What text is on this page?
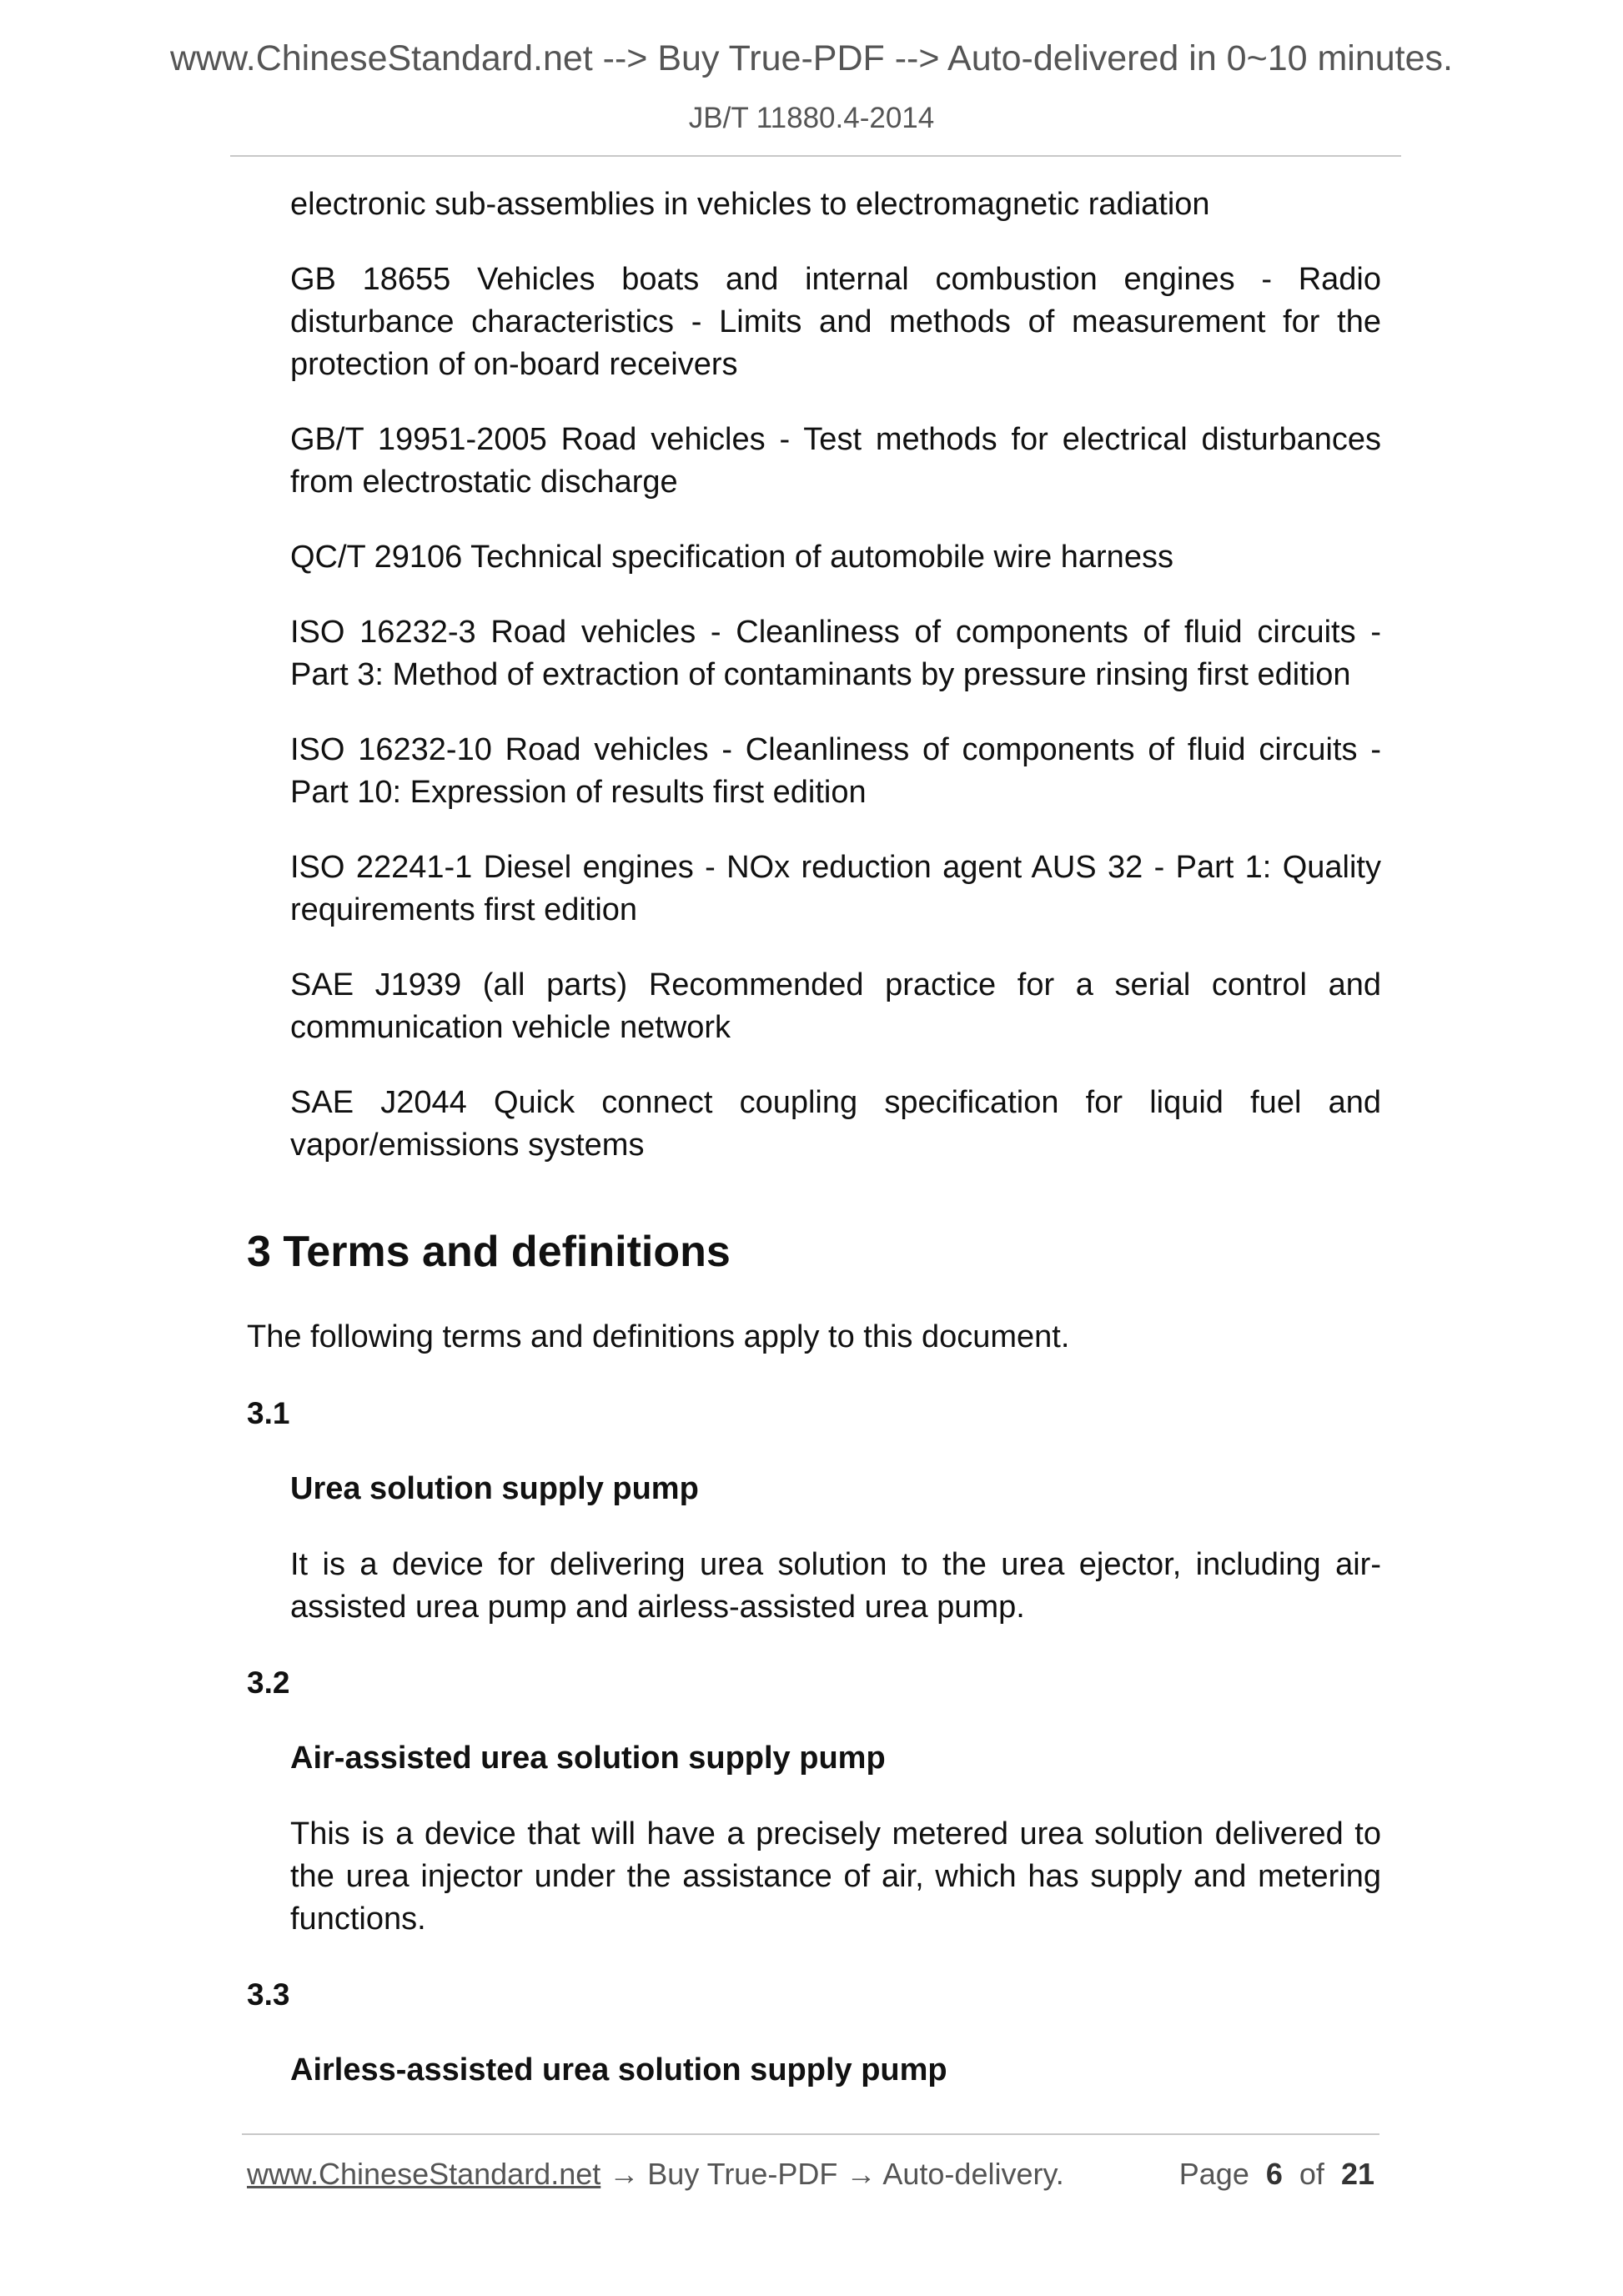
www.ChineseStandard.net --> Buy True-PDF --> Auto-delivered in 0~10 minutes.
JB/T 11880.4-2014
electronic sub-assemblies in vehicles to electromagnetic radiation
GB 18655 Vehicles boats and internal combustion engines - Radio disturbance characteristics - Limits and methods of measurement for the protection of on-board receivers
GB/T 19951-2005 Road vehicles - Test methods for electrical disturbances from electrostatic discharge
QC/T 29106 Technical specification of automobile wire harness
ISO 16232-3 Road vehicles - Cleanliness of components of fluid circuits - Part 3: Method of extraction of contaminants by pressure rinsing first edition
ISO 16232-10 Road vehicles - Cleanliness of components of fluid circuits - Part 10: Expression of results first edition
ISO 22241-1 Diesel engines - NOx reduction agent AUS 32 - Part 1: Quality requirements first edition
SAE J1939 (all parts) Recommended practice for a serial control and communication vehicle network
SAE J2044 Quick connect coupling specification for liquid fuel and vapor/emissions systems
3 Terms and definitions
The following terms and definitions apply to this document.
3.1
Urea solution supply pump
It is a device for delivering urea solution to the urea ejector, including air-assisted urea pump and airless-assisted urea pump.
3.2
Air-assisted urea solution supply pump
This is a device that will have a precisely metered urea solution delivered to the urea injector under the assistance of air, which has supply and metering functions.
3.3
Airless-assisted urea solution supply pump
www.ChineseStandard.net → Buy True-PDF → Auto-delivery.	Page 6 of 21
